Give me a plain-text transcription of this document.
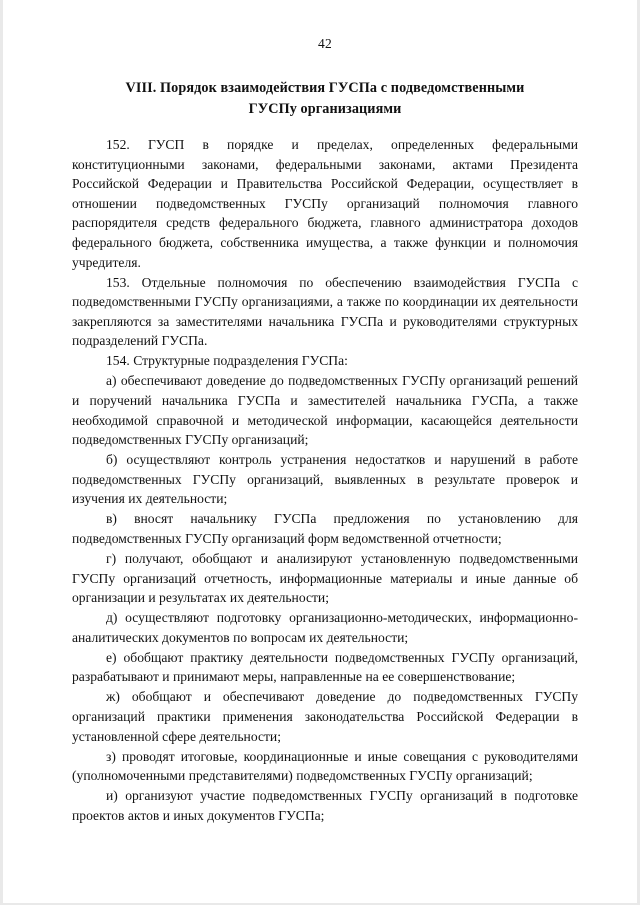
42
VIII. Порядок взаимодействия ГУСПа с подведомственными
ГУСПу организациями

152. ГУСП в порядке и пределах, определенных федеральными конституционными законами, федеральными законами, актами Президента Российской Федерации и Правительства Российской Федерации, осуществляет в отношении подведомственных ГУСПу организаций полномочия главного распорядителя средств федерального бюджета, главного администратора доходов федерального бюджета, собственника имущества, а также функции и полномочия учредителя.

153. Отдельные полномочия по обеспечению взаимодействия ГУСПа с подведомственными ГУСПу организациями, а также по координации их деятельности закрепляются за заместителями начальника ГУСПа и руководителями структурных подразделений ГУСПа.

154. Структурные подразделения ГУСПа:

а) обеспечивают доведение до подведомственных ГУСПу организаций решений и поручений начальника ГУСПа и заместителей начальника ГУСПа, а также необходимой справочной и методической информации, касающейся деятельности подведомственных ГУСПу организаций;

б) осуществляют контроль устранения недостатков и нарушений в работе подведомственных ГУСПу организаций, выявленных в результате проверок и изучения их деятельности;

в) вносят начальнику ГУСПа предложения по установлению для подведомственных ГУСПу организаций форм ведомственной отчетности;

г) получают, обобщают и анализируют установленную подведомственными ГУСПу организаций отчетность, информационные материалы и иные данные об организации и результатах их деятельности;

д) осуществляют подготовку организационно-методических, информационно-аналитических документов по вопросам их деятельности;

е) обобщают практику деятельности подведомственных ГУСПу организаций, разрабатывают и принимают меры, направленные на ее совершенствование;

ж) обобщают и обеспечивают доведение до подведомственных ГУСПу организаций практики применения законодательства Российской Федерации в установленной сфере деятельности;

з) проводят итоговые, координационные и иные совещания с руководителями (уполномоченными представителями) подведомственных ГУСПу организаций;

и) организуют участие подведомственных ГУСПу организаций в подготовке проектов актов и иных документов ГУСПа;
